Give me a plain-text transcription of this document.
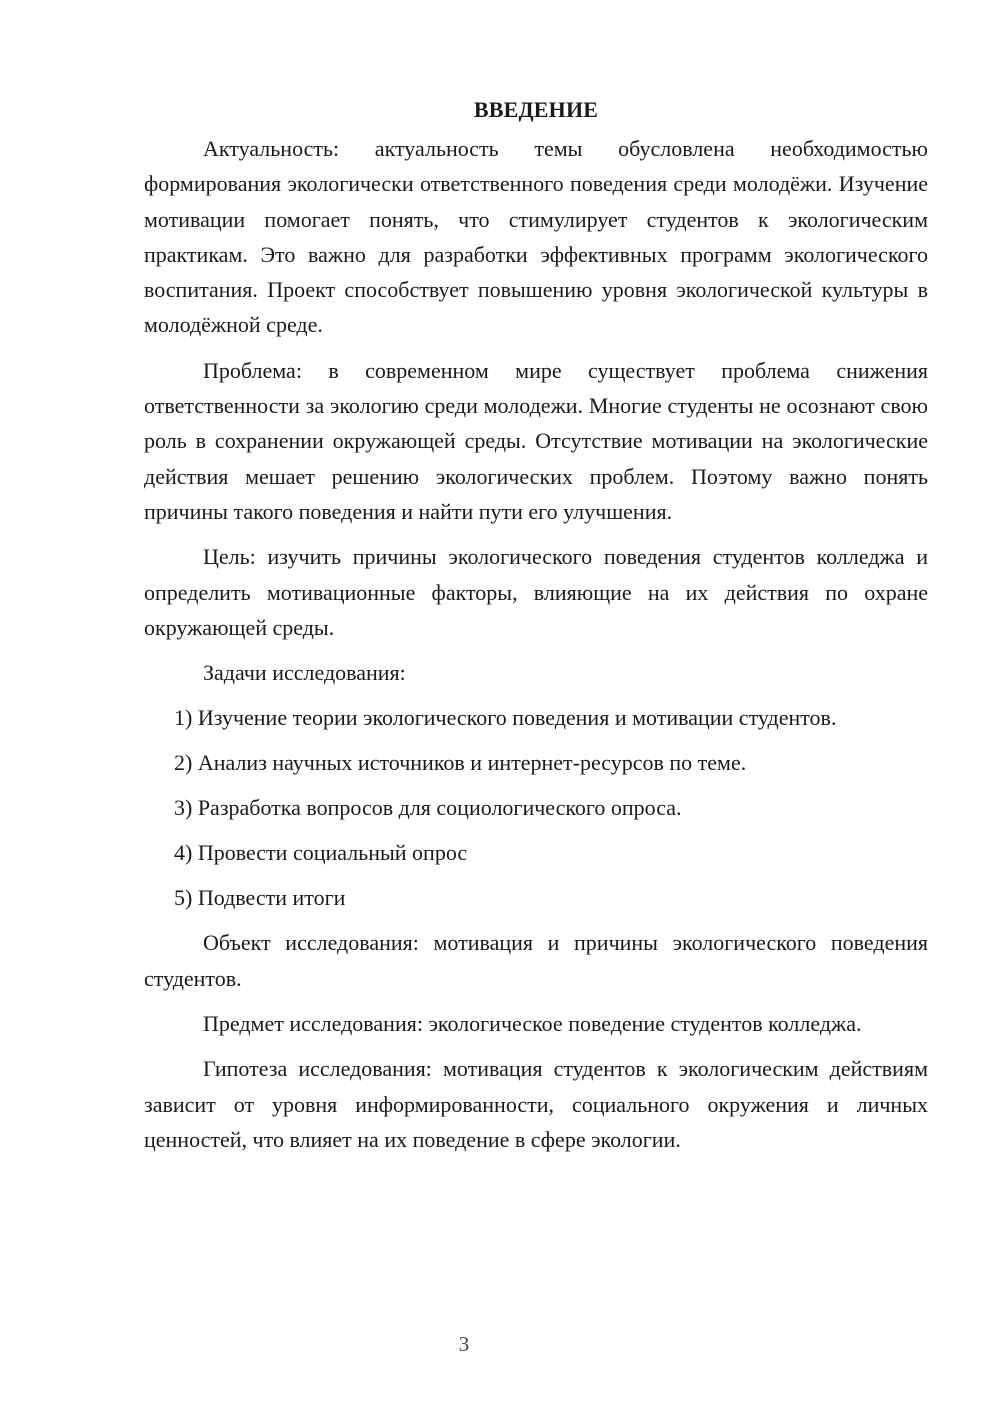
ВВЕДЕНИЕ

Актуальность: актуальность темы обусловлена необходимостью формирования экологически ответственного поведения среди молодёжи. Изучение мотивации помогает понять, что стимулирует студентов к экологическим практикам. Это важно для разработки эффективных программ экологического воспитания. Проект способствует повышению уровня экологической культуры в молодёжной среде.

Проблема: в современном мире существует проблема снижения ответственности за экологию среди молодежи. Многие студенты не осознают свою роль в сохранении окружающей среды. Отсутствие мотивации на экологические действия мешает решению экологических проблем. Поэтому важно понять причины такого поведения и найти пути его улучшения.

Цель: изучить причины экологического поведения студентов колледжа и определить мотивационные факторы, влияющие на их действия по охране окружающей среды.

Задачи исследования:

1) Изучение теории экологического поведения и мотивации студентов.
2) Анализ научных источников и интернет-ресурсов по теме.
3) Разработка вопросов для социологического опроса.
4) Провести социальный опрос
5) Подвести итоги

Объект исследования: мотивация и причины экологического поведения студентов.

Предмет исследования: экологическое поведение студентов колледжа.

Гипотеза исследования: мотивация студентов к экологическим действиям зависит от уровня информированности, социального окружения и личных ценностей, что влияет на их поведение в сфере экологии.

3
